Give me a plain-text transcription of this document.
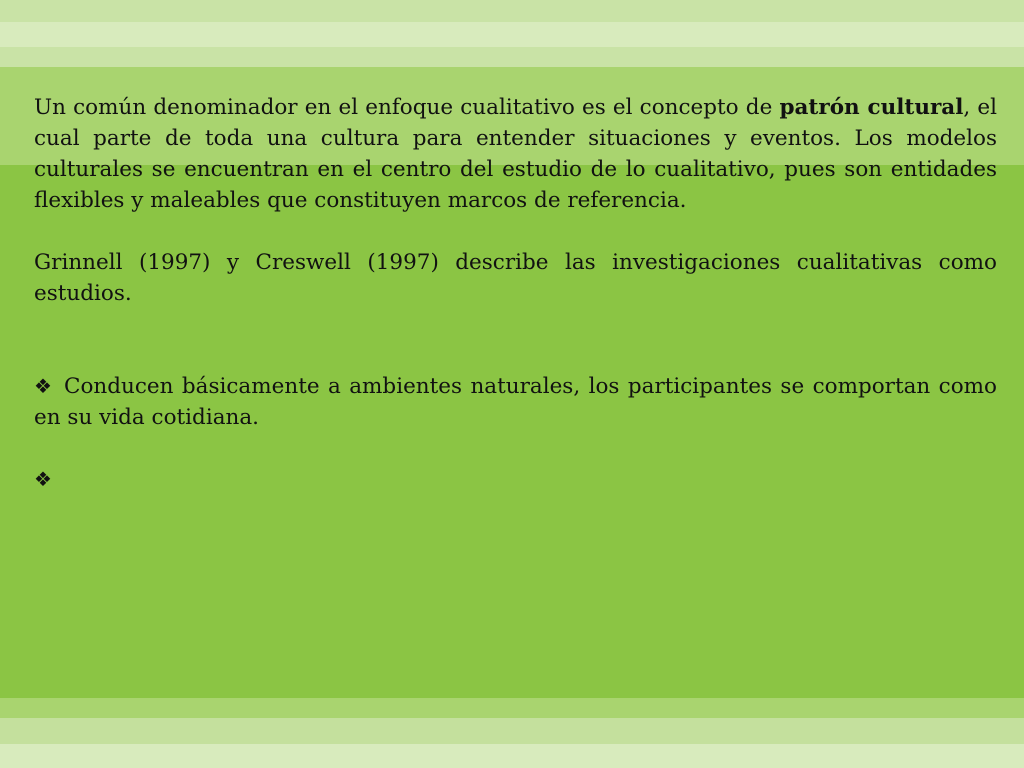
Un común denominador en el enfoque cualitativo es el concepto de patrón cultural, el cual parte de toda una cultura para entender situaciones y eventos. Los modelos culturales se encuentran en el centro del estudio de lo cualitativo, pues son entidades flexibles y maleables que constituyen marcos de referencia.

Grinnell (1997) y Creswell (1997) describe las investigaciones cualitativas como estudios.

❖ Conducen básicamente a ambientes naturales, los participantes se comportan como en su vida cotidiana.

❖
